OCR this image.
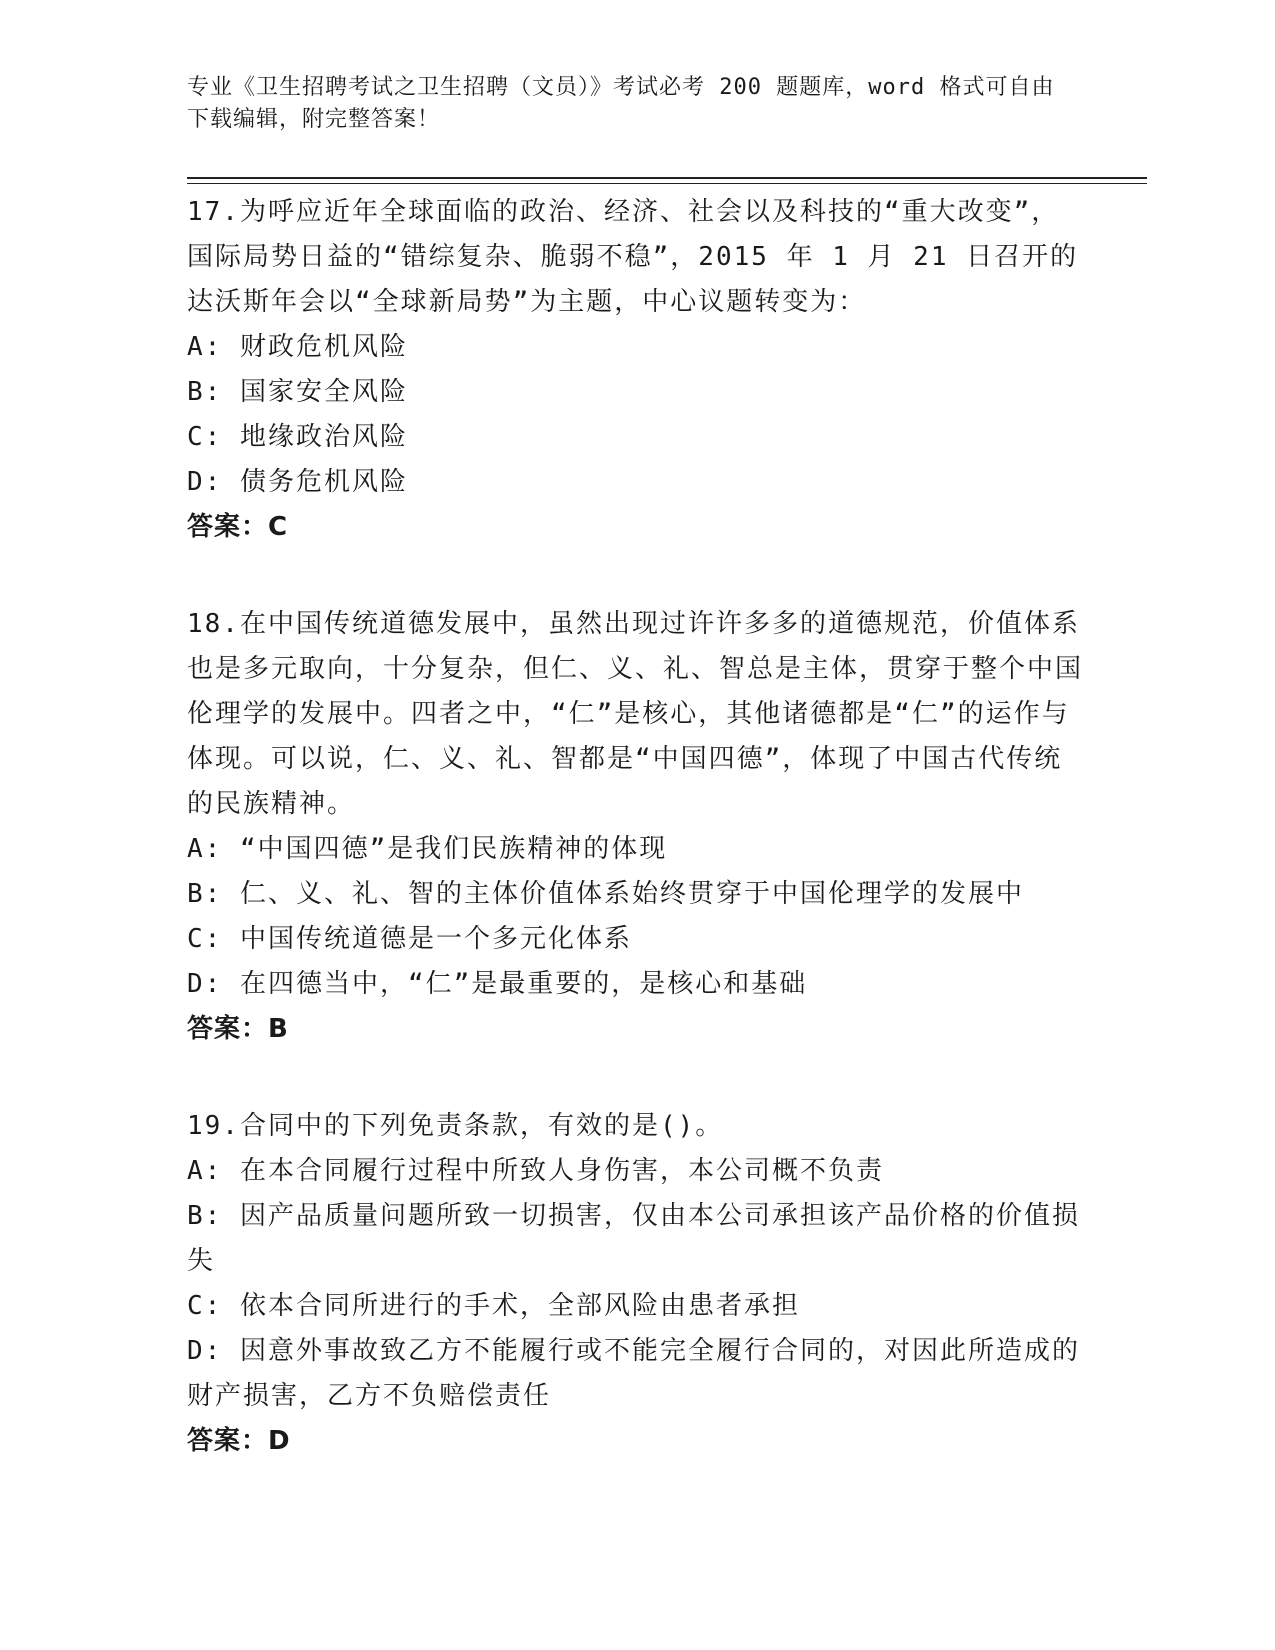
专业《卫生招聘考试之卫生招聘（文员）》考试必考 200 题题库，word 格式可自由下载编辑，附完整答案！

17.为呼应近年全球面临的政治、经济、社会以及科技的“重大改变”，国际局势日益的“错综复杂、脆弱不稳”，2015 年 1 月 21 日召开的达沃斯年会以“全球新局势”为主题，中心议题转变为：

A: 财政危机风险

B: 国家安全风险

C: 地缘政治风险

D: 债务危机风险

答案：C

18.在中国传统道德发展中，虽然出现过许许多多的道德规范，价值体系也是多元取向，十分复杂，但仁、义、礼、智总是主体，贯穿于整个中国伦理学的发展中。四者之中，“仁”是核心，其他诸德都是“仁”的运作与体现。可以说，仁、义、礼、智都是“中国四德”，体现了中国古代传统的民族精神。

A: “中国四德”是我们民族精神的体现

B: 仁、义、礼、智的主体价值体系始终贯穿于中国伦理学的发展中

C: 中国传统道德是一个多元化体系

D: 在四德当中，“仁”是最重要的，是核心和基础

答案：B

19.合同中的下列免责条款，有效的是()。

A: 在本合同履行过程中所致人身伤害，本公司概不负责

B: 因产品质量问题所致一切损害，仅由本公司承担该产品价格的价值损失

C: 依本合同所进行的手术，全部风险由患者承担

D: 因意外事故致乙方不能履行或不能完全履行合同的，对因此所造成的财产损害，乙方不负赔偿责任

答案：D
